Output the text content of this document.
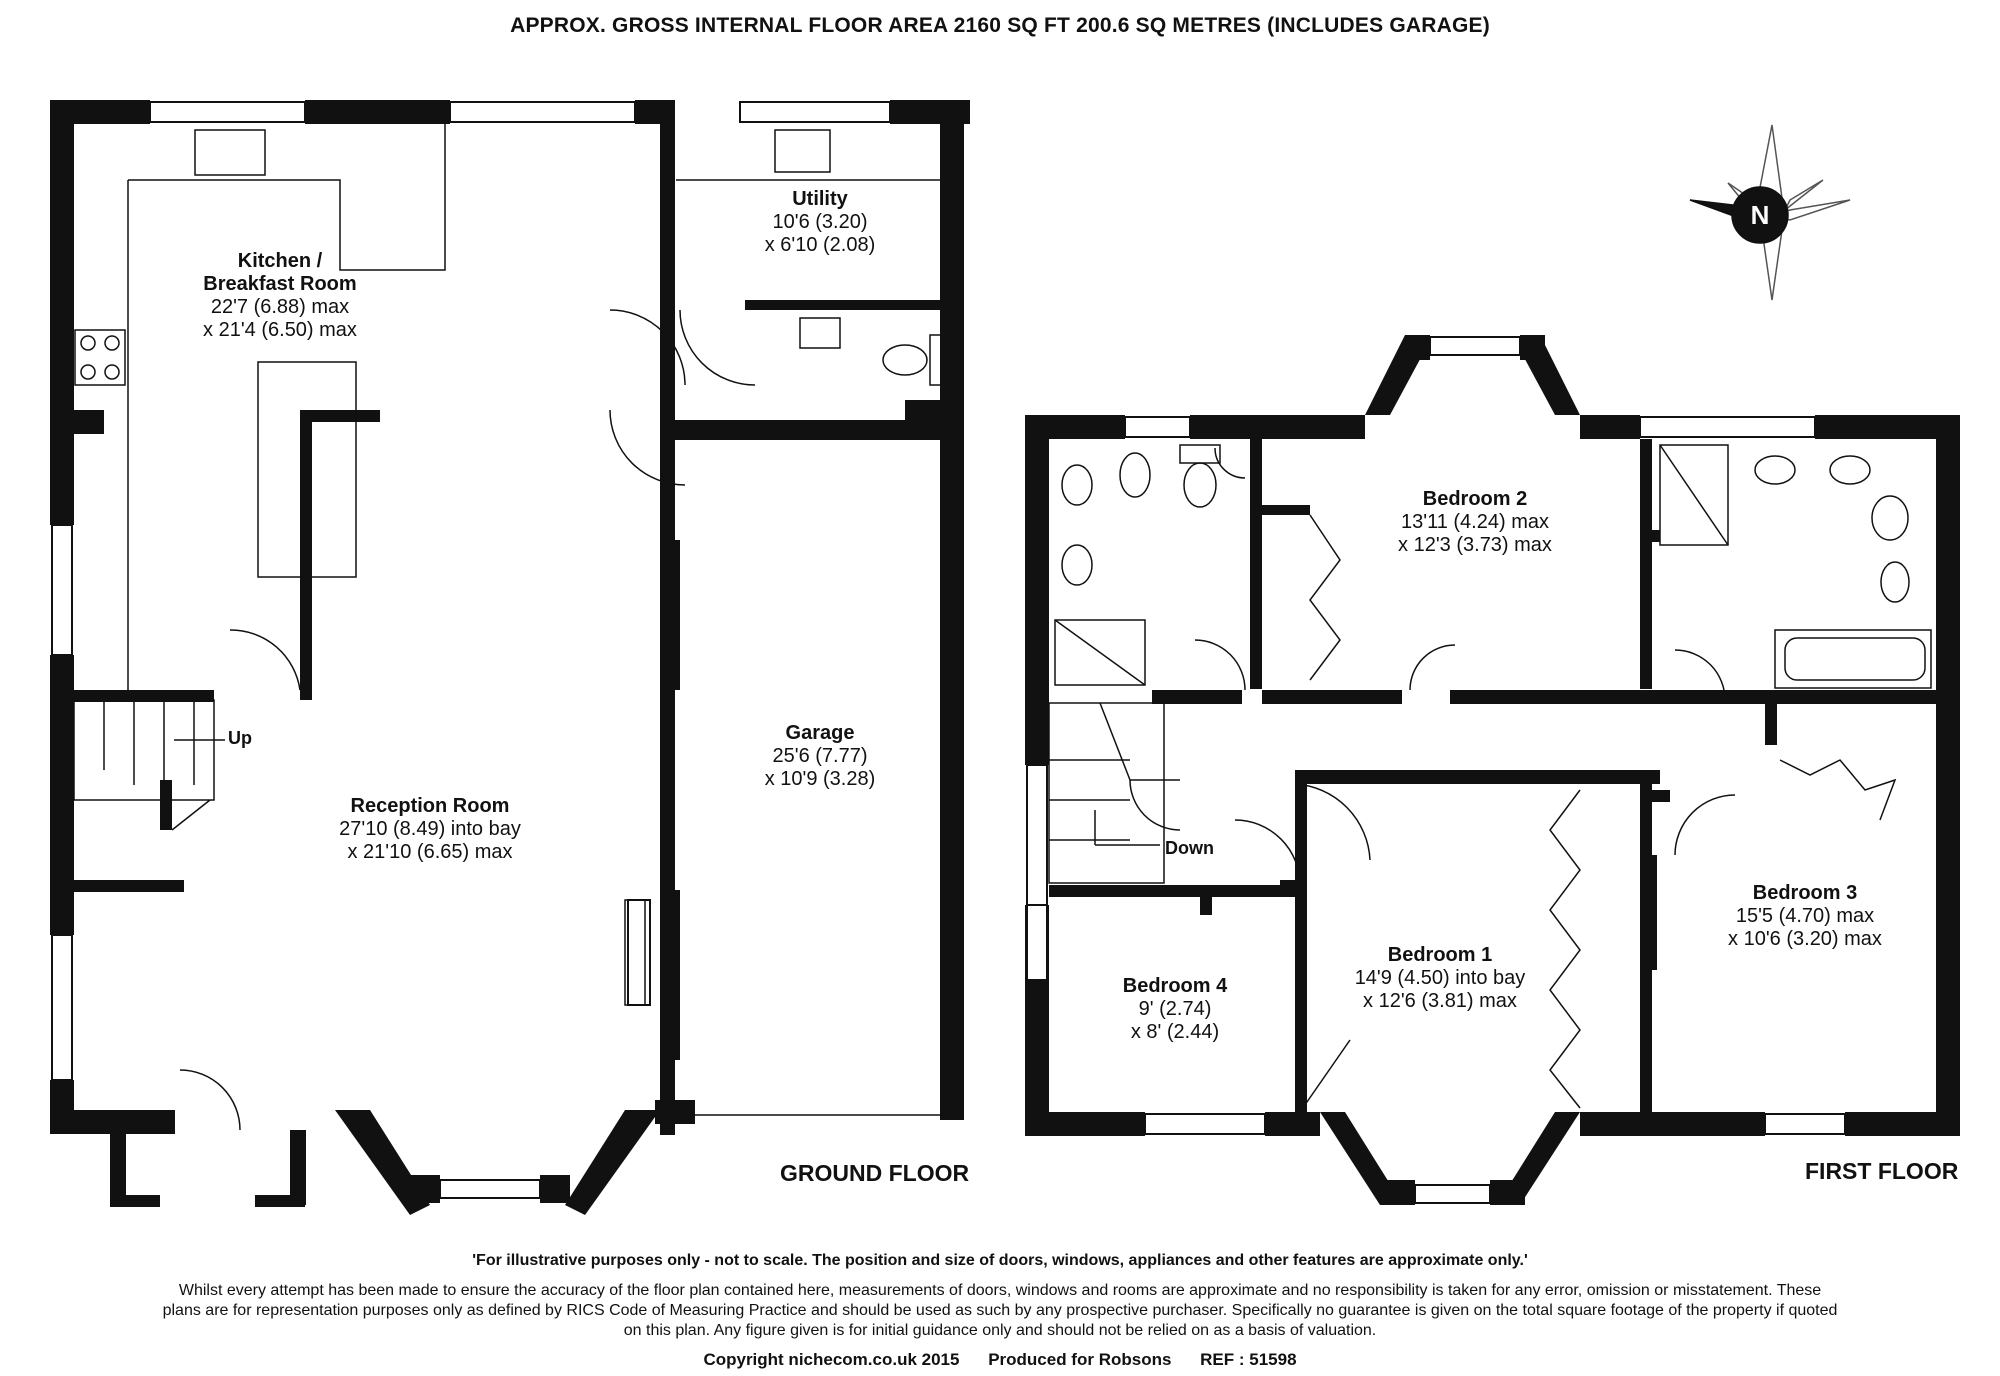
APPROX. GROSS INTERNAL FLOOR AREA 2160 SQ FT 200.6 SQ METRES (INCLUDES GARAGE)
Kitchen /
Breakfast Room
22'7 (6.88) max
x 21'4 (6.50) max
Utility
10'6 (3.20)
x 6'10 (2.08)
Reception Room
27'10 (8.49) into bay
x 21'10 (6.65) max
Garage
25'6 (7.77)
x 10'9 (3.28)
Up
GROUND FLOOR
Bedroom 2
13'11 (4.24) max
x 12'3 (3.73) max
Bedroom 3
15'5 (4.70) max
x 10'6 (3.20) max
Bedroom 1
14'9 (4.50) into bay
x 12'6 (3.81) max
Bedroom 4
9' (2.74)
x 8' (2.44)
Down
FIRST FLOOR
N
'For illustrative purposes only - not to scale. The position and size of doors, windows, appliances and other features are approximate only.'
Whilst every attempt has been made to ensure the accuracy of the floor plan contained here, measurements of doors, windows and rooms are approximate and no responsibility is taken for any error, omission or misstatement. These plans are for representation purposes only as defined by RICS Code of Measuring Practice and should be used as such by any prospective purchaser. Specifically no guarantee is given on the total square footage of the property if quoted on this plan. Any figure given is for initial guidance only and should not be relied on as a basis of valuation.
Copyright nichecom.co.uk 2015 Produced for Robsons REF : 51598
